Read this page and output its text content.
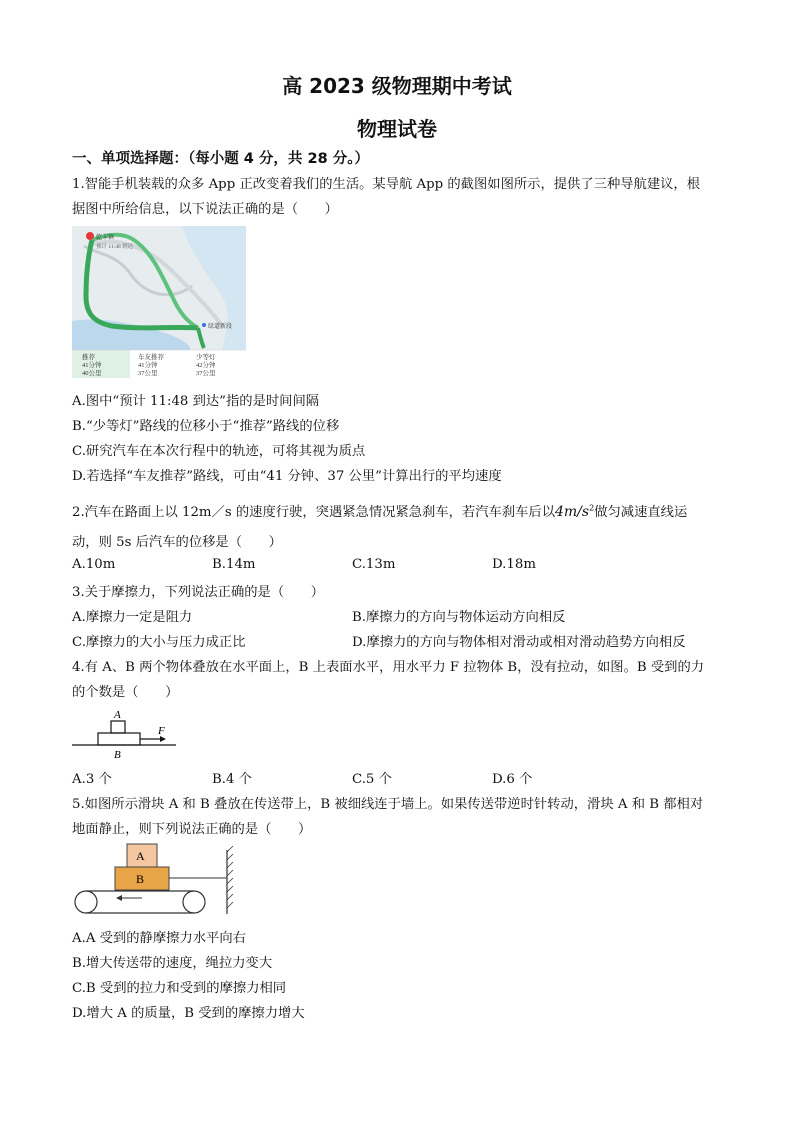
高 2023 级物理期中考试
物理试卷
一、单项选择题：（每小题 4 分，共 28 分。）
1.智能手机装载的众多 App 正改变着我们的生活。某导航 App 的截图如图所示，提供了三种导航建议，根
据图中所给信息，以下说法正确的是（　　）
乾丰镇
预计 11:48 到达
绿道新段
推荐
41分钟
40公里
车友推荐
41分钟
37公里
少等灯
42分钟
37公里
A.图中“预计 11:48 到达”指的是时间间隔
B.“少等灯”路线的位移小于“推荐”路线的位移
C.研究汽车在本次行程中的轨迹，可将其视为质点
D.若选择“车友推荐”路线，可由“41 分钟、37 公里”计算出行的平均速度
2.汽车在路面上以 12m／s 的速度行驶，突遇紧急情况紧急刹车，若汽车刹车后以$4m/s^2$做匀减速直线运
动，则 5s 后汽车的位移是（　　）
A.10m	B.14m	C.13m	D.18m
3.关于摩擦力，下列说法正确的是（　　）
A.摩擦力一定是阻力	B.摩擦力的方向与物体运动方向相反
C.摩擦力的大小与压力成正比	D.摩擦力的方向与物体相对滑动或相对滑动趋势方向相反
4.有 A、B 两个物体叠放在水平面上，B 上表面水平，用水平力 F 拉物体 B，没有拉动，如图。B 受到的力
的个数是（　　）
A
B
F
A.3 个	B.4 个	C.5 个	D.6 个
5.如图所示滑块 A 和 B 叠放在传送带上，B 被细线连于墙上。如果传送带逆时针转动，滑块 A 和 B 都相对
地面静止，则下列说法正确的是（　　）
A
B
A.A 受到的静摩擦力水平向右
B.增大传送带的速度，绳拉力变大
C.B 受到的拉力和受到的摩擦力相同
D.增大 A 的质量，B 受到的摩擦力增大
